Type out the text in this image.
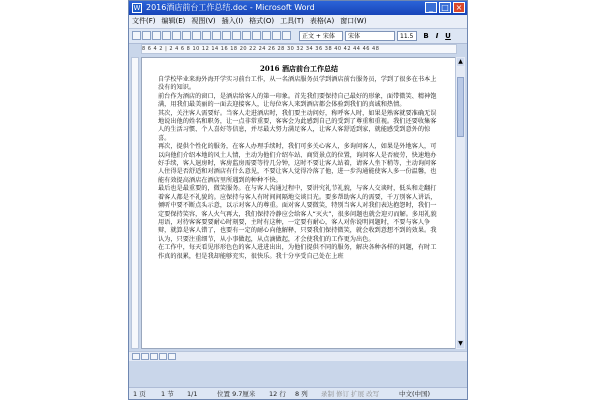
W 2016酒店前台工作总结.doc - Microsoft Word	_	□ ×
文件(F) 编辑(E) 视图(V) 插入(I) 格式(O) 工具(T) 表格(A) 窗口(W)
正文 + 宋体	宋体	11.5	B	I U
8 6 4 2 | 2 4 6 8 10 12 14 16 18 20 22 24 26 28 30 32 34 36 38 40 42 44 46 48
2016 酒店前台工作总结

自学校毕业来海外海开学实习前台工作，从一名酒店服务员学到酒店前台服务员，学到了很多在书本上没有的知识。

前台作为酒店的窗口，是酒店给客人的第一印象。首先我们要保持自己最好的形象，面带微笑、精神饱满，用我们最美丽的一面去迎接客人，让每位客人来到酒店都会体验到我们的真诚和热情。

其次，关注客人需要好。当客人走进酒店时，我们要主动问好，称呼客人时，如果是熟客就要准确无误地说出他的姓名和职务，让一点非常重要，客客会为此感到自己的受到了尊重和重视。我们还要收集客人的生活习惯、个人喜好等信息，并尽最大努力满足客人，让客人客舒适到家，就能感受到意外的惊喜。

再次，提供个性化的服务，在客人办理手续时，我们可多关心客人，多询问客人，如果是外地客人，可以向他们介绍本地的风土人情，主动为他们介绍车站、商贸景点的位置，询问客人是否疲劳，快速地办好手续，客人退房时，客房监房需要等待几分钟，这时不要让客人站着，请客人坐下稍等，主动询问客人住得是否舒适和对酒店有什么意见，不要让客人觉得冷落了他，进一步沟通能使客人多一份温馨，也能有效提高酒店在酒店里所遇到的种种不快。

最后也是最重要的，微笑服务。在与客人沟通过程中，要讲究礼节礼貌，与客人交谈时，低头和走翻打着客人都是不礼貌的。应保持与客人有时间间隔地交谈目光。要多帮助客人的需要，千万别客人讲话，倾听中要不断点头示意，以示对客人的尊重。面对客人要微笑，特别当客人对我们表达抱怨时，我们一定要保持笑容，客人火气再大，我们保持冷静应会给客人“灭火”，很多问题也就会迎刃而解。多用礼貌用语，对待客客要要耐心时刻要，主时有这种，一定要有耐心，客人对你说明问题时，不要与客人争辩，就算是客人错了，也要有一定的耐心向他解释，只要我们保持微笑，就会收到意想不到的效果。我认为，只要注重细节，从小事做起，从点滴做起，才会使我们的工作更为出色。

在工作中，每天看见形形色色的客人进进出出，为他们提供不同的服务，解决各种各样的问题，有时工作真的很累，但是我却能够充实，很快乐。我十分享受自己处在上班

▲
▼
1 页 1 节 1/1	位置 9.7厘米 12 行 8 列 录制 修订 扩展 改写	中文(中国)
